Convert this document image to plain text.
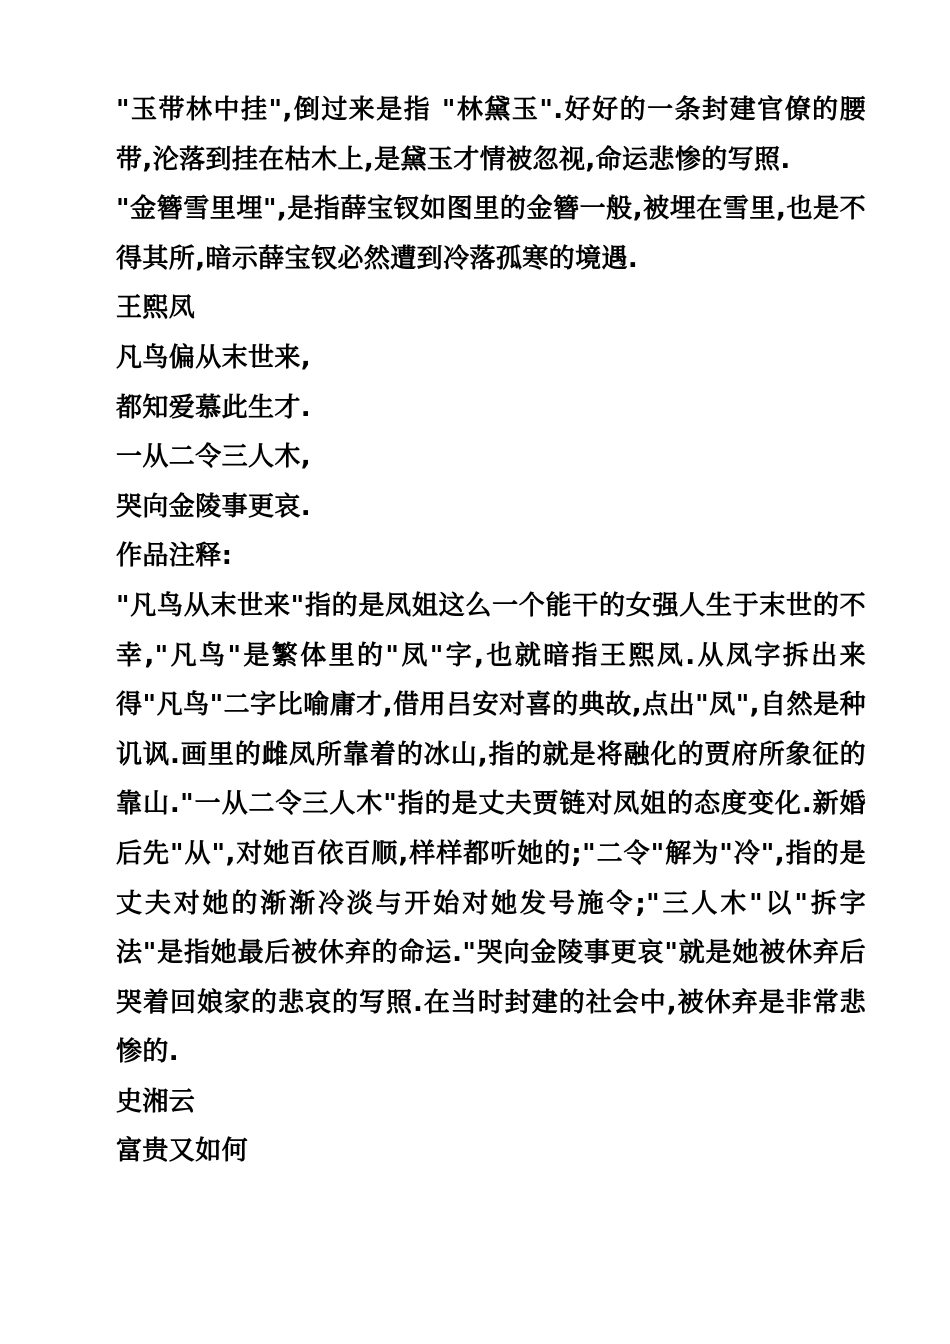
"玉带林中挂",倒过来是指 "林黛玉".好好的一条封建官僚的腰带,沦落到挂在枯木上,是黛玉才情被忽视,命运悲惨的写照.

"金簪雪里埋",是指薛宝钗如图里的金簪一般,被埋在雪里,也是不得其所,暗示薛宝钗必然遭到冷落孤寒的境遇.

王熙凤

凡鸟偏从末世来,

都知爱慕此生才.

一从二令三人木,

哭向金陵事更哀.

作品注释:

"凡鸟从末世来"指的是凤姐这么一个能干的女强人生于末世的不幸,"凡鸟"是繁体里的"凤"字,也就暗指王熙凤.从凤字拆出来得"凡鸟"二字比喻庸才,借用吕安对喜的典故,点出"凤",自然是种讥讽.画里的雌凤所靠着的冰山,指的就是将融化的贾府所象征的靠山."一从二令三人木"指的是丈夫贾链对凤姐的态度变化.新婚后先"从",对她百依百顺,样样都听她的;"二令"解为"冷",指的是丈夫对她的渐渐冷淡与开始对她发号施令;"三人木"以"拆字法"是指她最后被休弃的命运."哭向金陵事更哀"就是她被休弃后哭着回娘家的悲哀的写照.在当时封建的社会中,被休弃是非常悲惨的.

史湘云

富贵又如何
